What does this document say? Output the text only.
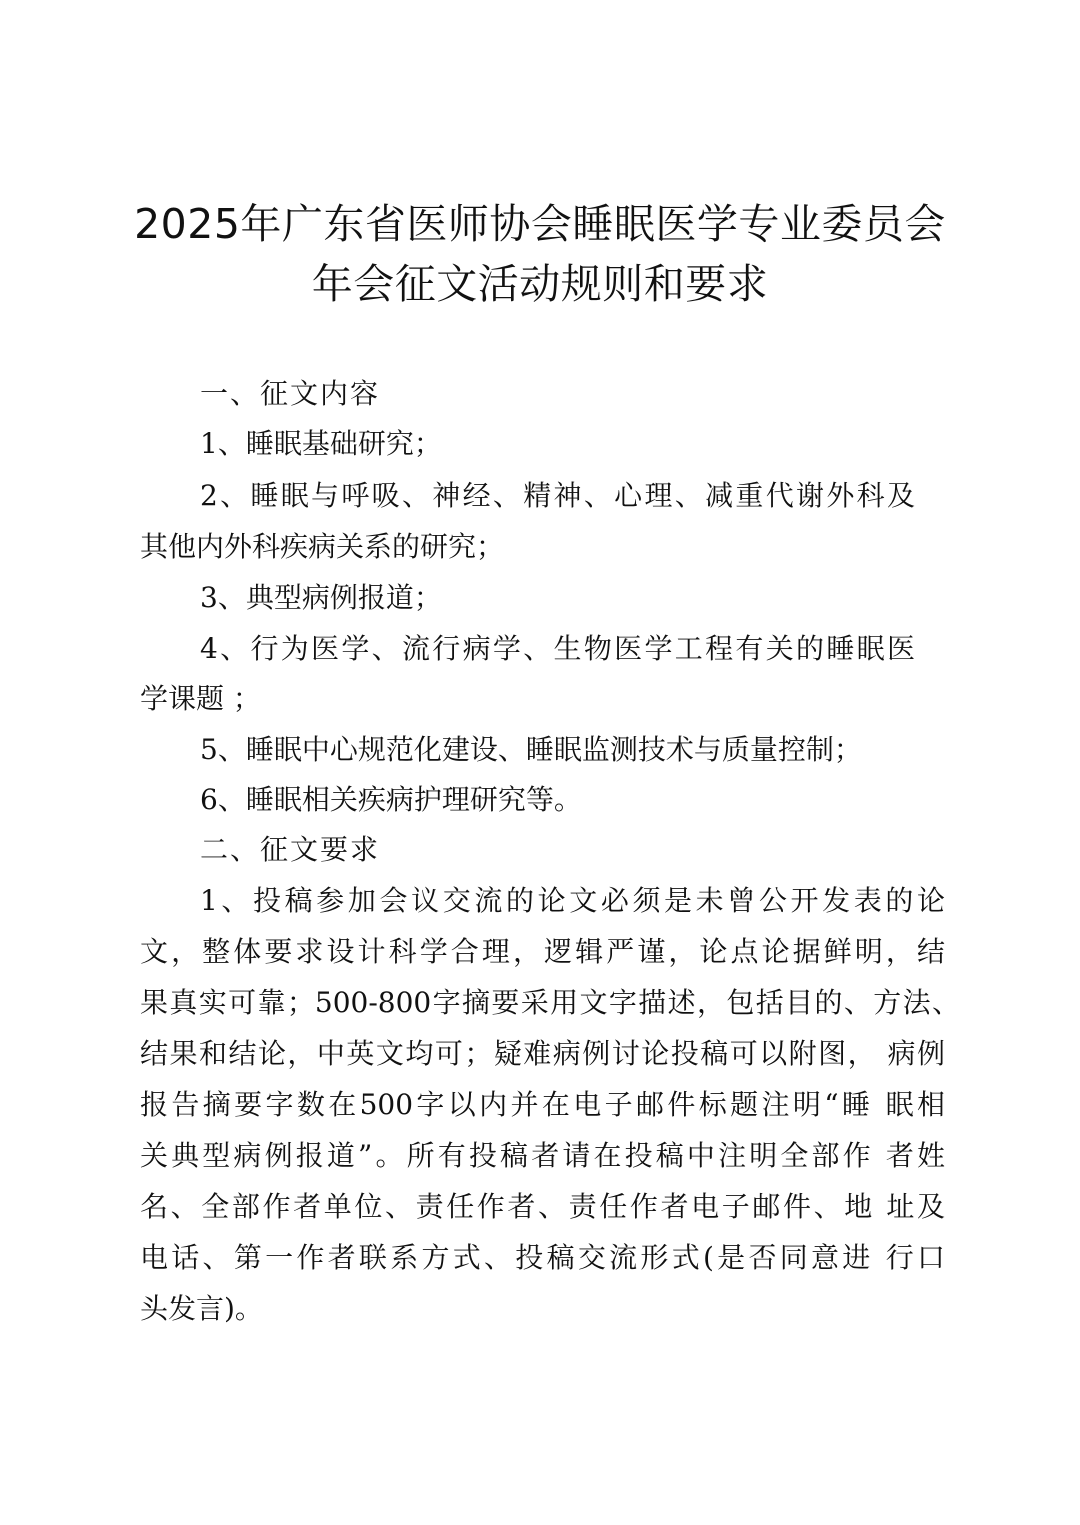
2025年广东省医师协会睡眠医学专业委员会
年会征文活动规则和要求
一、征文内容
1、睡眠基础研究；
2、睡眠与呼吸、神经、精神、心理、减重代谢外科及
其他内外科疾病关系的研究；
3、典型病例报道；
4、行为医学、流行病学、生物医学工程有关的睡眠医
学课题 ；
5、睡眠中心规范化建设、睡眠监测技术与质量控制；
6、睡眠相关疾病护理研究等。
二、征文要求
1、投稿参加会议交流的论文必须是未曾公开发表的论
文，整体要求设计科学合理，逻辑严谨，论点论据鲜明，结
果真实可靠；500-800字摘要采用文字描述，包括目的、方法、
结果和结论，中英文均可；疑难病例讨论投稿可以附图， 病例
报告摘要字数在500字以内并在电子邮件标题注明“睡 眠相
关典型病例报道”。所有投稿者请在投稿中注明全部作 者姓
名、全部作者单位、责任作者、责任作者电子邮件、地 址及
电话、第一作者联系方式、投稿交流形式(是否同意进 行口
头发言)。
